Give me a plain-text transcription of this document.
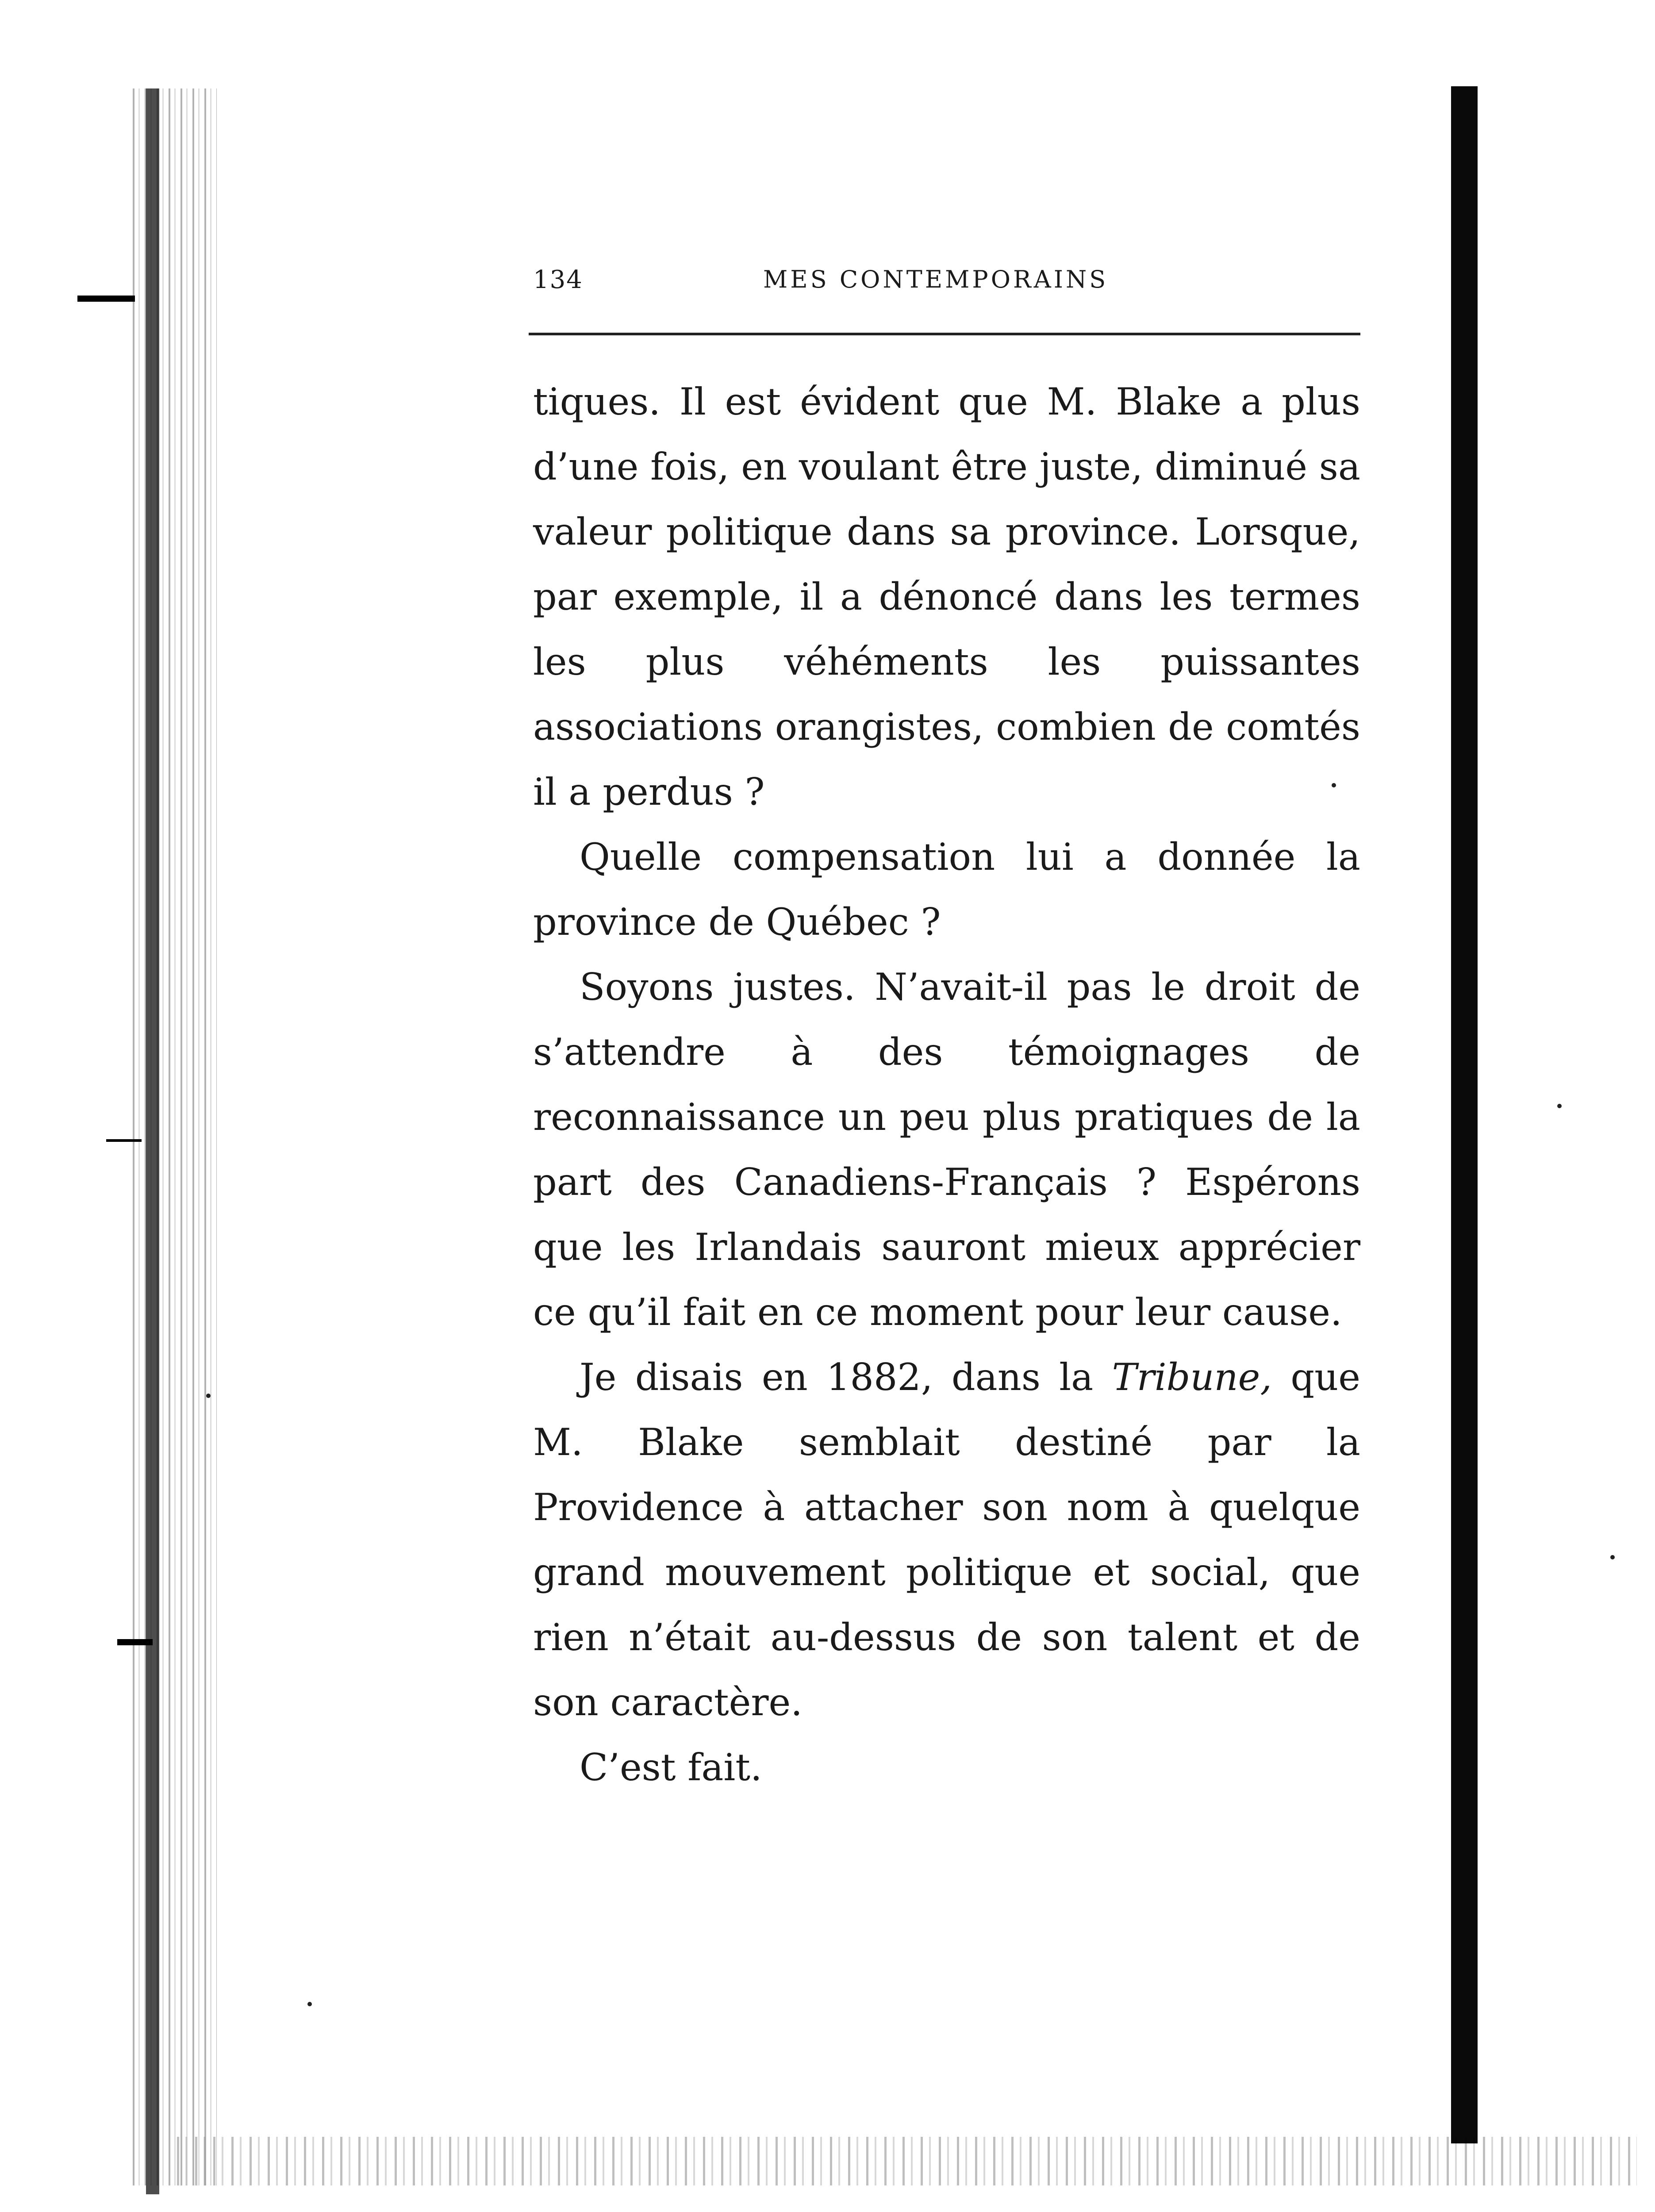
134	MES CONTEMPORAINS

tiques. Il est évident que M. Blake a plus d’une fois, en voulant être juste, diminué sa valeur politique dans sa province. Lorsque, par exemple, il a dénoncé dans les termes les plus véhéments les puissantes associations orangistes, combien de comtés il a perdus ?

Quelle compensation lui a donnée la province de Québec ?

Soyons justes. N’avait-il pas le droit de s’attendre à des témoignages de reconnaissance un peu plus pratiques de la part des Canadiens-Français ? Espérons que les Irlandais sauront mieux apprécier ce qu’il fait en ce moment pour leur cause.

Je disais en 1882, dans la Tribune, que M. Blake semblait destiné par la Providence à attacher son nom à quelque grand mouvement politique et social, que rien n’était au-dessus de son talent et de son caractère.

C’est fait.
